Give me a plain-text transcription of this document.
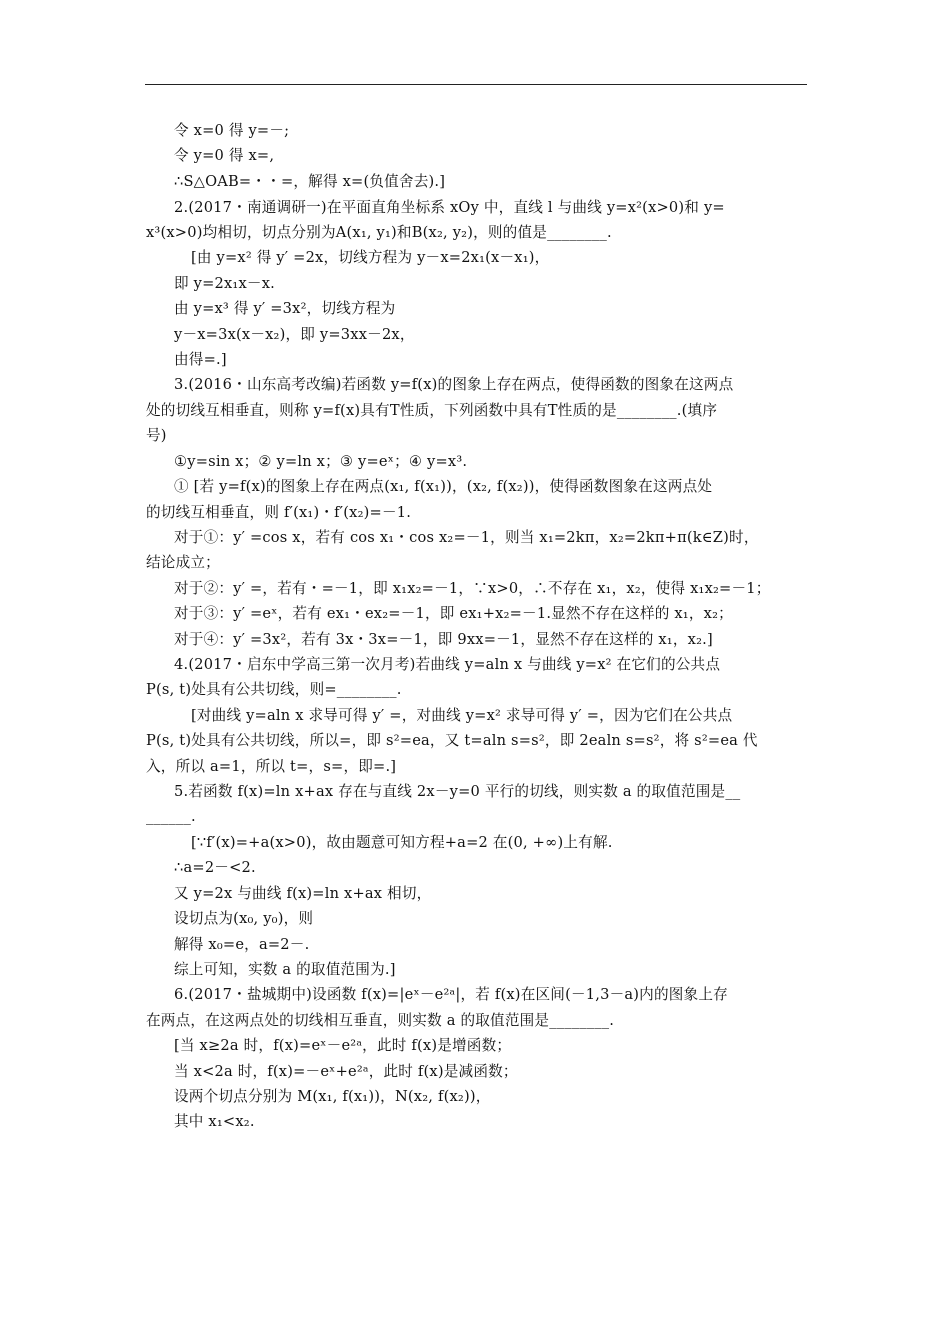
令 x=0 得 y=－;
令 y=0 得 x=,
∴S△OAB=・・=，解得 x=(负值舍去).]
2.(2017・南通调研一)在平面直角坐标系 xOy 中，直线 l 与曲线 y=x²(x>0)和 y=
x³(x>0)均相切，切点分别为A(x₁, y₁)和B(x₂, y₂)，则的值是________.
[由 y=x² 得 y′ =2x，切线方程为 y－x=2x₁(x－x₁)，
即 y=2x₁x－x.
由 y=x³ 得 y′ =3x²，切线方程为
y－x=3x(x－x₂)，即 y=3xx－2x，
由得=.]
3.(2016・山东高考改编)若函数 y=f(x)的图象上存在两点，使得函数的图象在这两点
处的切线互相垂直，则称 y=f(x)具有T性质，下列函数中具有T性质的是________.(填序
号)
①y=sin x；② y=ln x；③ y=eˣ；④ y=x³.
① [若 y=f(x)的图象上存在两点(x₁, f(x₁))，(x₂, f(x₂))，使得函数图象在这两点处
的切线互相垂直，则 f′(x₁)・f′(x₂)=－1.
对于①：y′ =cos x，若有 cos x₁・cos x₂=－1，则当 x₁=2kπ，x₂=2kπ+π(k∈Z)时，
结论成立；
对于②：y′ =，若有・=－1，即 x₁x₂=－1，∵x>0，∴不存在 x₁，x₂，使得 x₁x₂=－1；
对于③：y′ =eˣ，若有 ex₁・ex₂=－1，即 ex₁+x₂=－1.显然不存在这样的 x₁，x₂；
对于④：y′ =3x²，若有 3x・3x=－1，即 9xx=－1，显然不存在这样的 x₁，x₂.]
4.(2017・启东中学高三第一次月考)若曲线 y=aln x 与曲线 y=x² 在它们的公共点
P(s, t)处具有公共切线，则=________.
[对曲线 y=aln x 求导可得 y′ =，对曲线 y=x² 求导可得 y′ =，因为它们在公共点
P(s, t)处具有公共切线，所以=，即 s²=ea，又 t=aln s=s²，即 2ealn s=s²，将 s²=ea 代
入，所以 a=1，所以 t=，s=，即=.]
5.若函数 f(x)=ln x+ax 存在与直线 2x－y=0 平行的切线，则实数 a 的取值范围是__
______.
[∵f′(x)=+a(x>0)，故由题意可知方程+a=2 在(0, +∞)上有解.
∴a=2－<2.
又 y=2x 与曲线 f(x)=ln x+ax 相切，
设切点为(x₀, y₀)，则
解得 x₀=e，a=2－.
综上可知，实数 a 的取值范围为.]
6.(2017・盐城期中)设函数 f(x)=|eˣ－e²ᵃ|，若 f(x)在区间(－1,3－a)内的图象上存
在两点，在这两点处的切线相互垂直，则实数 a 的取值范围是________.
[当 x≥2a 时，f(x)=eˣ－e²ᵃ，此时 f(x)是增函数；
当 x<2a 时，f(x)=－eˣ+e²ᵃ，此时 f(x)是减函数；
设两个切点分别为 M(x₁, f(x₁))，N(x₂, f(x₂))，
其中 x₁<x₂.
